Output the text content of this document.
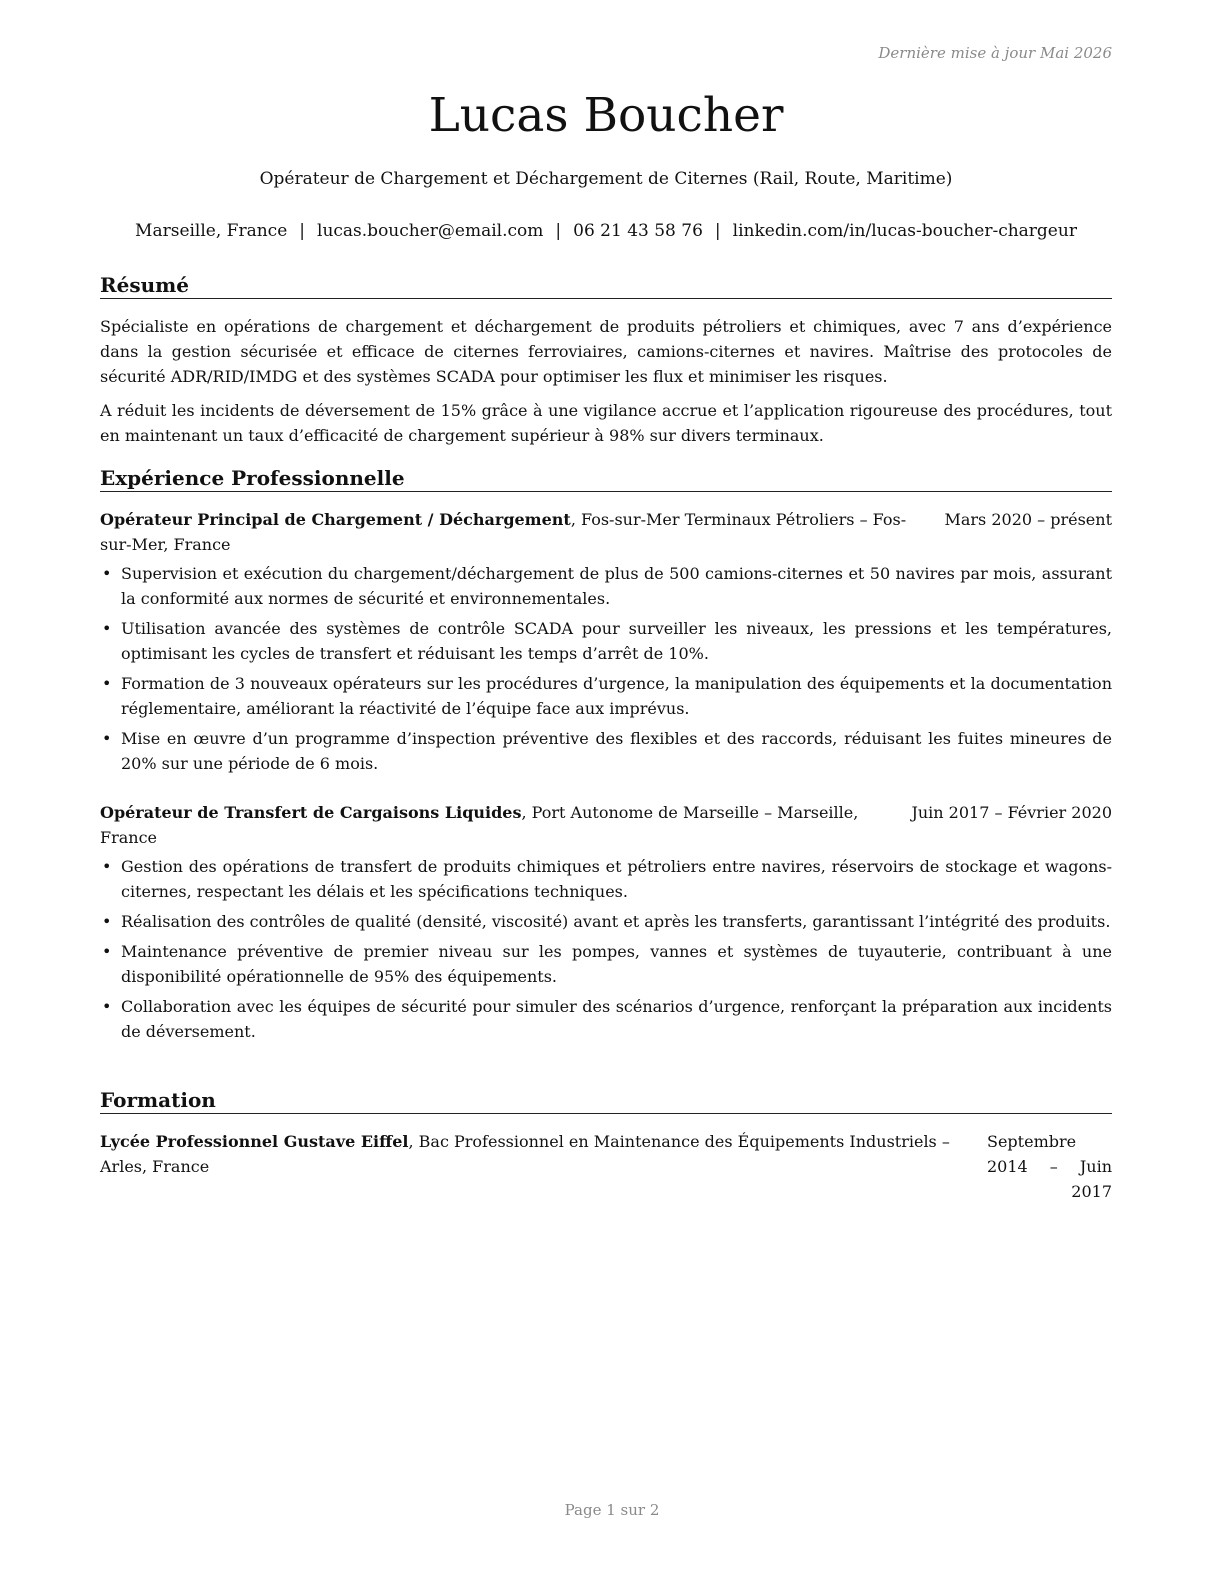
Dernière mise à jour Mai 2026
Lucas Boucher
Opérateur de Chargement et Déchargement de Citernes (Rail, Route, Maritime)
Marseille, France | lucas.boucher@email.com | 06 21 43 58 76 | linkedin.com/in/lucas-boucher-chargeur
Résumé
Spécialiste en opérations de chargement et déchargement de produits pétroliers et chimiques, avec 7 ans d’expérience dans la gestion sécurisée et efficace de citernes ferroviaires, camions-citernes et navires. Maîtrise des protocoles de sécurité ADR/RID/IMDG et des systèmes SCADA pour optimiser les flux et minimiser les risques.
A réduit les incidents de déversement de 15% grâce à une vigilance accrue et l’application rigoureuse des procédures, tout en maintenant un taux d’efficacité de chargement supérieur à 98% sur divers terminaux.
Expérience Professionnelle
Mars 2020 – présent
Opérateur Principal de Chargement / Déchargement, Fos-sur-Mer Terminaux Pétroliers – Fos-sur-Mer, France
• Supervision et exécution du chargement/déchargement de plus de 500 camions-citernes et 50 navires par mois, assurant la conformité aux normes de sécurité et environnementales.
• Utilisation avancée des systèmes de contrôle SCADA pour surveiller les niveaux, les pressions et les températures, optimisant les cycles de transfert et réduisant les temps d’arrêt de 10%.
• Formation de 3 nouveaux opérateurs sur les procédures d’urgence, la manipulation des équipements et la documentation réglementaire, améliorant la réactivité de l’équipe face aux imprévus.
• Mise en œuvre d’un programme d’inspection préventive des flexibles et des raccords, réduisant les fuites mineures de 20% sur une période de 6 mois.
Juin 2017 – Février 2020
Opérateur de Transfert de Cargaisons Liquides, Port Autonome de Marseille – Marseille, France
• Gestion des opérations de transfert de produits chimiques et pétroliers entre navires, réservoirs de stockage et wagons-citernes, respectant les délais et les spécifications techniques.
• Réalisation des contrôles de qualité (densité, viscosité) avant et après les transferts, garantissant l’intégrité des produits.
• Maintenance préventive de premier niveau sur les pompes, vannes et systèmes de tuyauterie, contribuant à une disponibilité opérationnelle de 95% des équipements.
• Collaboration avec les équipes de sécurité pour simuler des scénarios d’urgence, renforçant la préparation aux incidents de déversement.
Formation
Lycée Professionnel Gustave Eiffel, Bac Professionnel en Maintenance des Équipements Industriels – Arles, France
Septembre 2014 – Juin 2017
Page 1 sur 2
